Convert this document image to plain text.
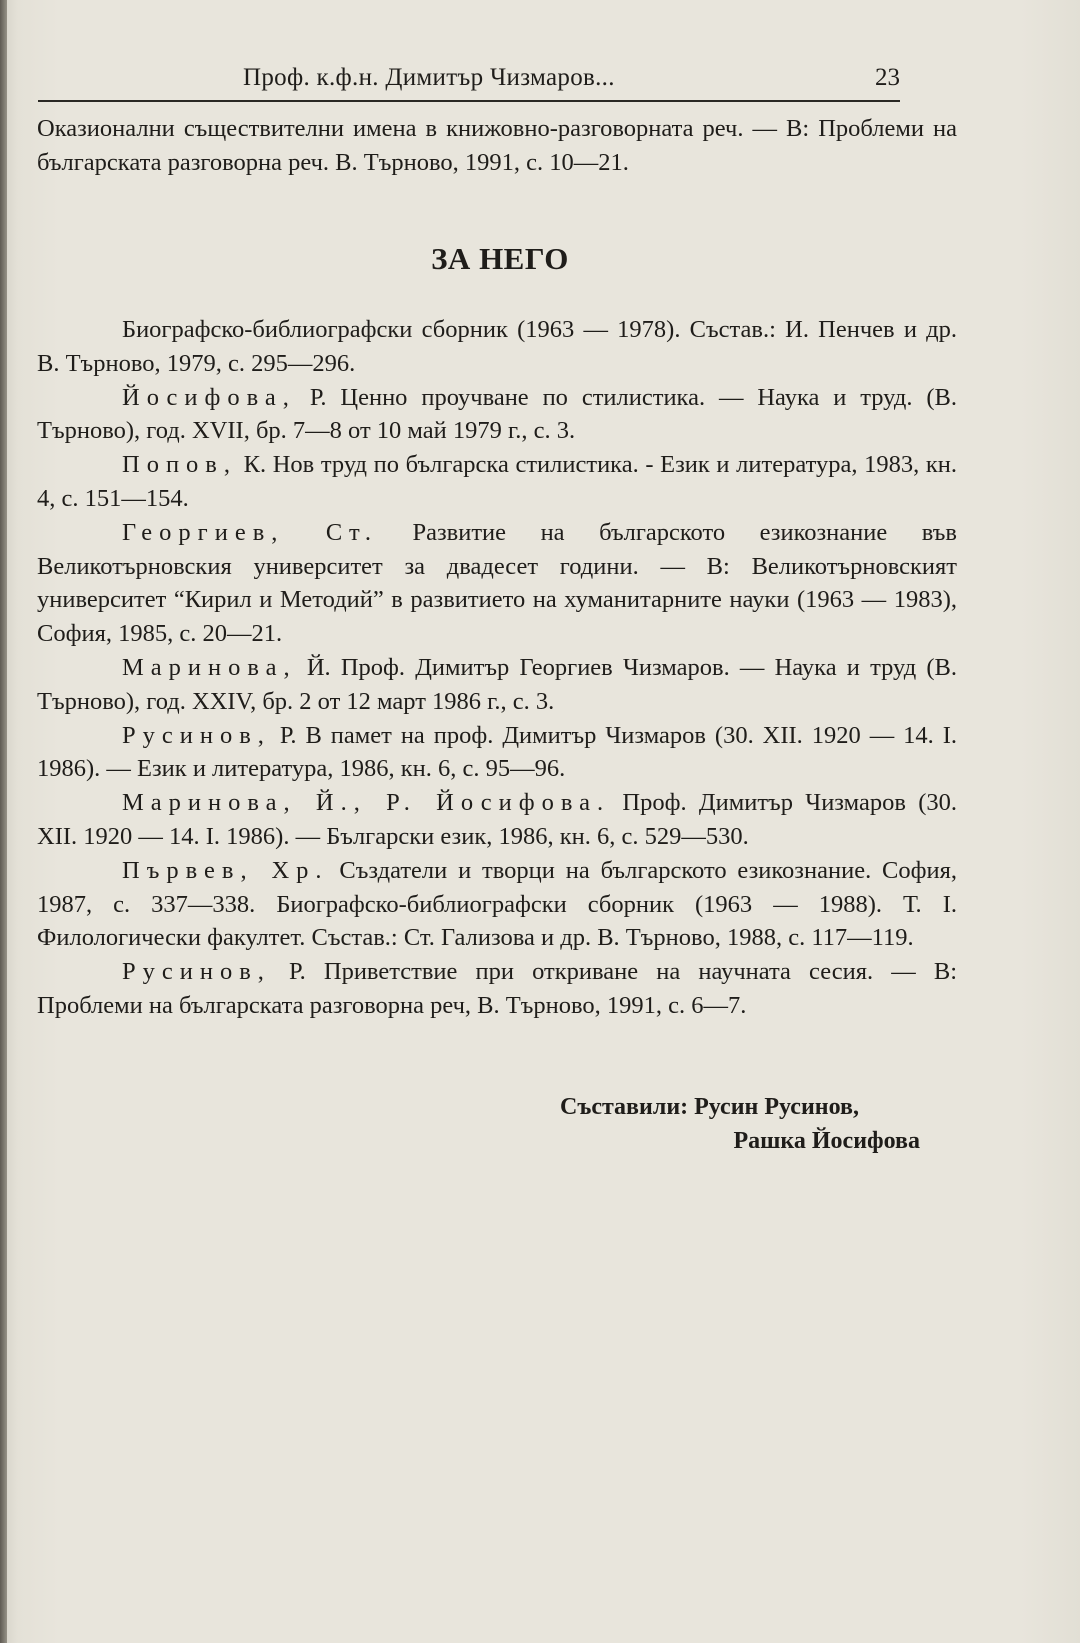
Проф. к.ф.н. Димитър Чизмаров...	23

Оказионални съществителни имена в книжовно-разговорната реч. — В: Проблеми на българската разговорна реч. В. Търново, 1991, с. 10—21.

ЗА НЕГО

Биографско-библиографски сборник (1963 — 1978). Състав.: И. Пенчев и др. В. Търново, 1979, с. 295—296.

Йосифова, Р. Ценно проучване по стилистика. — Наука и труд. (В. Търново), год. XVII, бр. 7—8 от 10 май 1979 г., с. 3.

Попов, К. Нов труд по българска стилистика. - Език и литература, 1983, кн. 4, с. 151—154.

Георгиев, Ст. Развитие на българското езикознание във Великотърновския университет за двадесет години. — В: Великотърновският университет “Кирил и Методий” в развитието на хуманитарните науки (1963 — 1983), София, 1985, с. 20—21.

Маринова, Й. Проф. Димитър Георгиев Чизмаров. — Наука и труд (В. Търново), год. XXIV, бр. 2 от 12 март 1986 г., с. 3.

Русинов, Р. В памет на проф. Димитър Чизмаров (30. XII. 1920 — 14. I. 1986). — Език и литература, 1986, кн. 6, с. 95—96.

Маринова, Й., Р. Йосифова. Проф. Димитър Чизмаров (30. XII. 1920 — 14. I. 1986). — Български език, 1986, кн. 6, с. 529—530.

Първев, Хр. Създатели и творци на българското езикознание. София, 1987, с. 337—338. Биографско-библиографски сборник (1963 — 1988). Т. I. Филологически факултет. Състав.: Ст. Гализова и др. В. Търново, 1988, с. 117—119.

Русинов, Р. Приветствие при откриване на научната сесия. — В: Проблеми на българската разговорна реч, В. Търново, 1991, с. 6—7.

Съставили: Русин Русинов,
Рашка Йосифова
